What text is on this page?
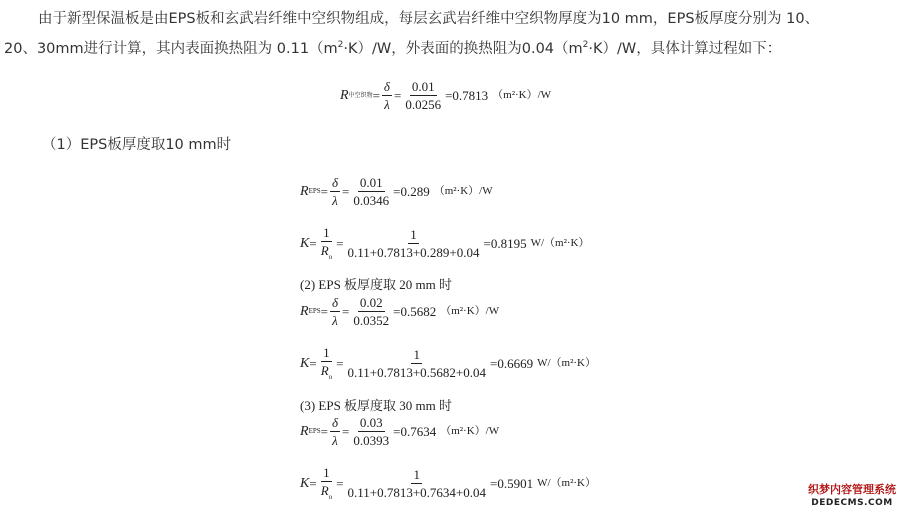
由于新型保温板是由EPS板和玄武岩纤维中空织物组成，每层玄武岩纤维中空织物厚度为10 mm，EPS板厚度分别为 10、
20、30mm进行计算，其内表面换热阻为 $0.11(m^2\cdot K)/W$，外表面的换热阻为$0.04(m^2\cdot K)/W$，具体计算过程如下：
R 中空织物 = $\frac{\delta}{\lambda} = \frac{0.01}{0.0256} =0.7813$ （m²·K）/W
（1）EPS板厚度取10 mm时
R EPS = $\frac{\delta}{\lambda} = \frac{0.01}{0.0346} =0.289$ （m²·K）/W
$K = \frac{1}{R_o} = \frac{1}{0.11+0.7813+0.289+0.04} =0.8195$ W/（m²·K）
(2) EPS 板厚度取 20 mm 时
R EPS = $\frac{\delta}{\lambda} = \frac{0.02}{0.0352} =0.5682$ （m²·K）/W
$K = \frac{1}{R_o} = \frac{1}{0.11+0.7813+0.5682+0.04} =0.6669$ W/（m²·K）
(3) EPS 板厚度取 30 mm 时
R EPS = $\frac{\delta}{\lambda} = \frac{0.03}{0.0393} =0.7634$ （m²·K）/W
$K = \frac{1}{R_o} = \frac{1}{0.11+0.7813+0.7634+0.04} =0.5901$ W/（m²·K）	织梦内容管理系统
DEDECMS.COM
